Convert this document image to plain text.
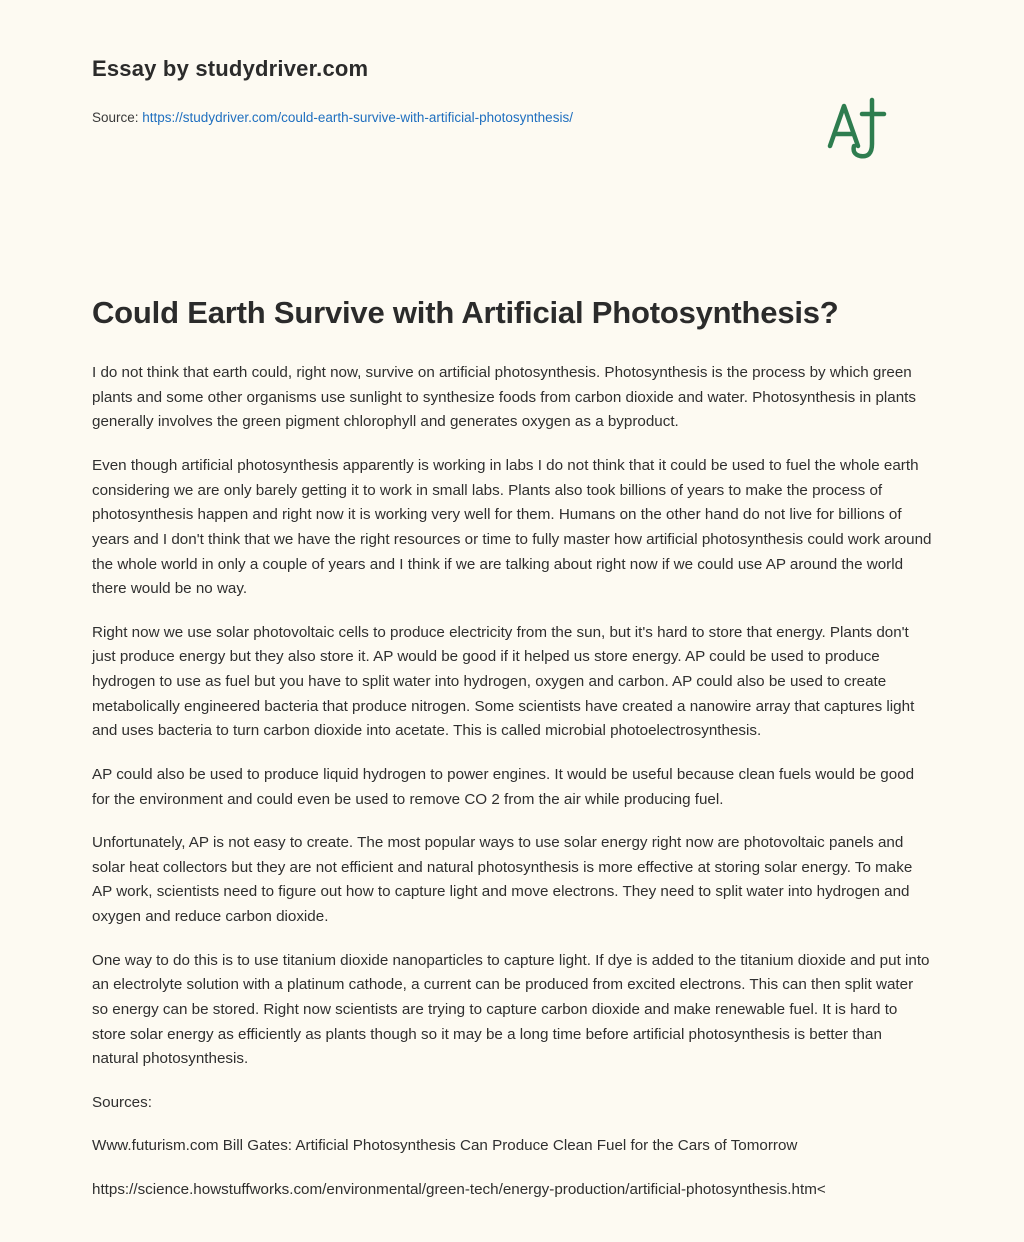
Essay by studydriver.com
Source: https://studydriver.com/could-earth-survive-with-artificial-photosynthesis/
Could Earth Survive with Artificial Photosynthesis?

I do not think that earth could, right now, survive on artificial photosynthesis. Photosynthesis is the process by which green plants and some other organisms use sunlight to synthesize foods from carbon dioxide and water. Photosynthesis in plants generally involves the green pigment chlorophyll and generates oxygen as a byproduct.

Even though artificial photosynthesis apparently is working in labs I do not think that it could be used to fuel the whole earth considering we are only barely getting it to work in small labs. Plants also took billions of years to make the process of photosynthesis happen and right now it is working very well for them. Humans on the other hand do not live for billions of years and I don't think that we have the right resources or time to fully master how artificial photosynthesis could work around the whole world in only a couple of years and I think if we are talking about right now if we could use AP around the world there would be no way.

Right now we use solar photovoltaic cells to produce electricity from the sun, but it's hard to store that energy. Plants don't just produce energy but they also store it. AP would be good if it helped us store energy. AP could be used to produce hydrogen to use as fuel but you have to split water into hydrogen, oxygen and carbon. AP could also be used to create metabolically engineered bacteria that produce nitrogen. Some scientists have created a nanowire array that captures light and uses bacteria to turn carbon dioxide into acetate. This is called microbial photoelectrosynthesis.

AP could also be used to produce liquid hydrogen to power engines. It would be useful because clean fuels would be good for the environment and could even be used to remove CO 2 from the air while producing fuel.

Unfortunately, AP is not easy to create. The most popular ways to use solar energy right now are photovoltaic panels and solar heat collectors but they are not efficient and natural photosynthesis is more effective at storing solar energy. To make AP work, scientists need to figure out how to capture light and move electrons. They need to split water into hydrogen and oxygen and reduce carbon dioxide.

One way to do this is to use titanium dioxide nanoparticles to capture light. If dye is added to the titanium dioxide and put into an electrolyte solution with a platinum cathode, a current can be produced from excited electrons. This can then split water so energy can be stored. Right now scientists are trying to capture carbon dioxide and make renewable fuel. It is hard to store solar energy as efficiently as plants though so it may be a long time before artificial photosynthesis is better than natural photosynthesis.

Sources:
Www.futurism.com Bill Gates: Artificial Photosynthesis Can Produce Clean Fuel for the Cars of Tomorrow
https://science.howstuffworks.com/environmental/green-tech/energy-production/artificial-photosynthesis.htm<
